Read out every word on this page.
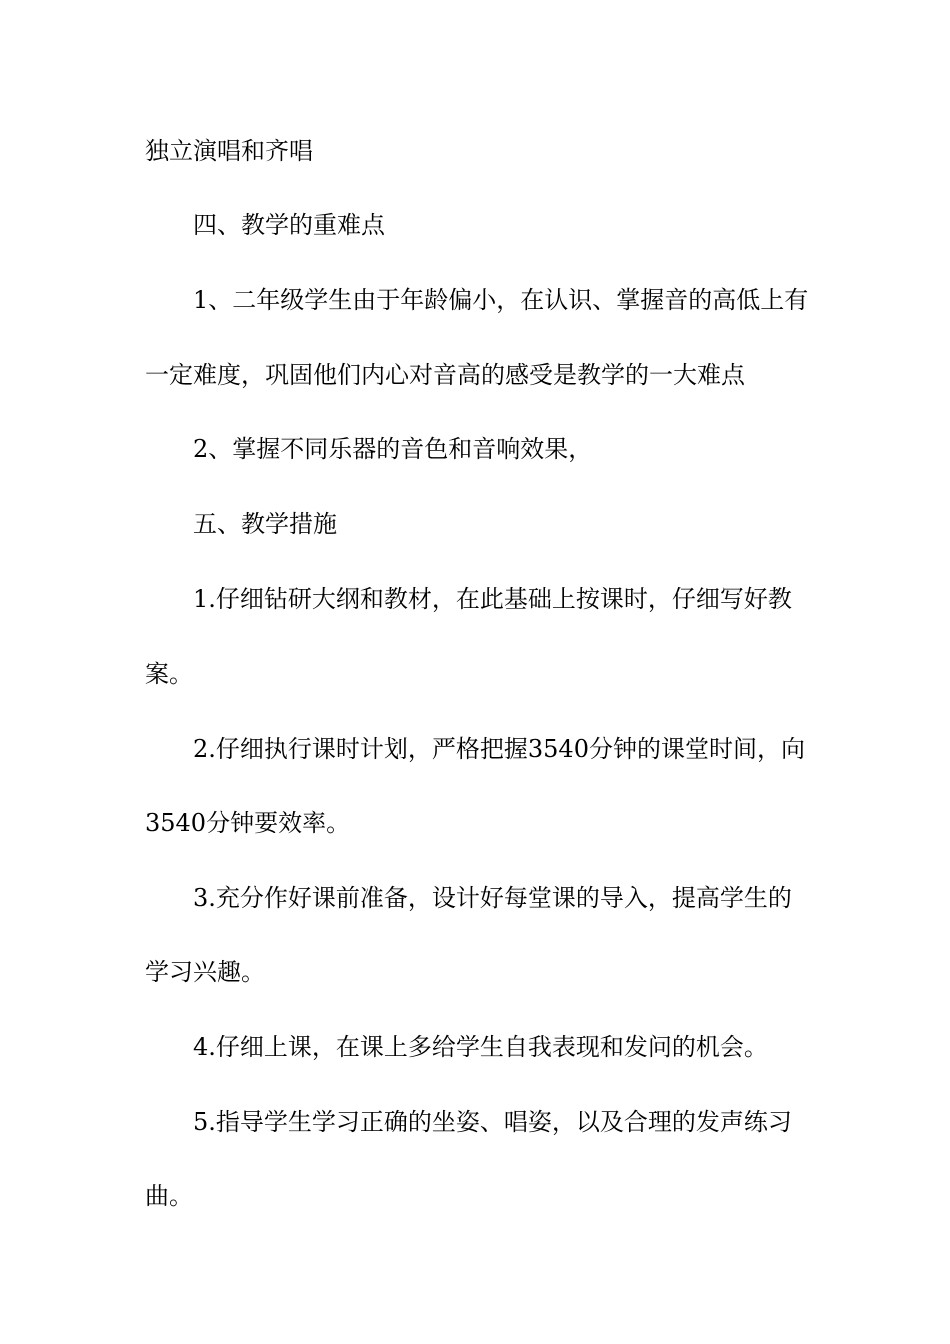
独立演唱和齐唱
四、教学的重难点
1、二年级学生由于年龄偏小，在认识、掌握音的高低上有
一定难度，巩固他们内心对音高的感受是教学的一大难点
2、掌握不同乐器的音色和音响效果，
五、教学措施
1.仔细钻研大纲和教材，在此基础上按课时，仔细写好教
案。
2.仔细执行课时计划，严格把握3540分钟的课堂时间，向
3540分钟要效率。
3.充分作好课前准备，设计好每堂课的导入，提高学生的
学习兴趣。
4.仔细上课，在课上多给学生自我表现和发问的机会。
5.指导学生学习正确的坐姿、唱姿，以及合理的发声练习
曲。
